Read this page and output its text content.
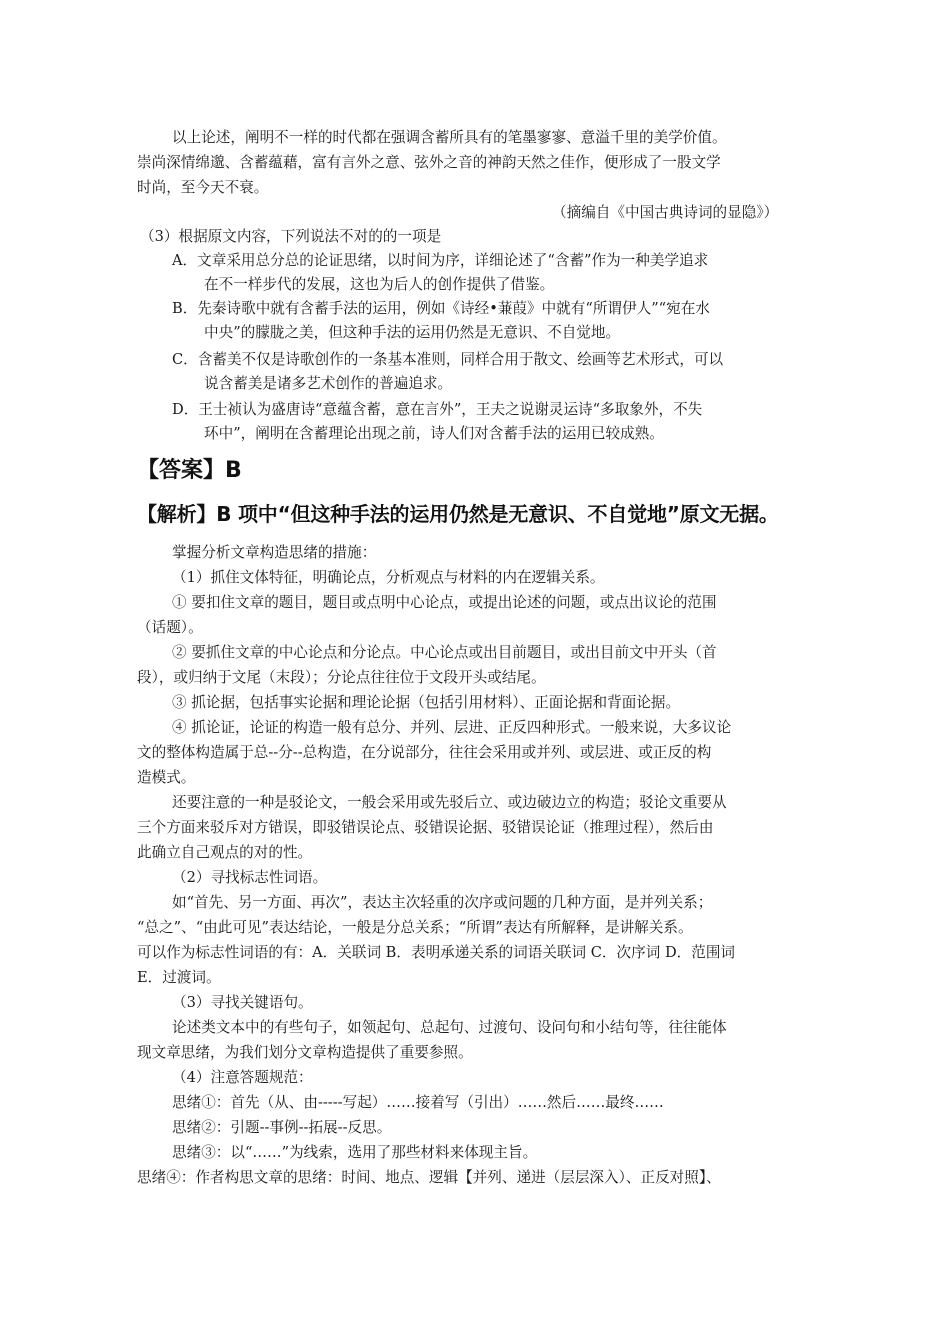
以上论述，阐明不一样的时代都在强调含蓄所具有的笔墨寥寥、意溢千里的美学价值。
崇尚深情绵邈、含蓄蕴藉，富有言外之意、弦外之音的神韵天然之佳作，便形成了一股文学
时尚，至今天不衰。
（摘编自《中国古典诗词的显隐》）
（3）根据原文内容，下列说法不对的的一项是
A．文章采用总分总的论证思绪，以时间为序，详细论述了“含蓄”作为一种美学追求
在不一样步代的发展，这也为后人的创作提供了借鉴。
B．先秦诗歌中就有含蓄手法的运用，例如《诗经•蒹葭》中就有“所谓伊人”“宛在水
中央”的朦胧之美，但这种手法的运用仍然是无意识、不自觉地。
C．含蓄美不仅是诗歌创作的一条基本准则，同样合用于散文、绘画等艺术形式，可以
说含蓄美是诸多艺术创作的普遍追求。
D．王士祯认为盛唐诗“意蕴含蓄，意在言外”，王夫之说谢灵运诗“多取象外，不失
环中”，阐明在含蓄理论出现之前，诗人们对含蓄手法的运用已较成熟。
【答案】B
【解析】B 项中“但这种手法的运用仍然是无意识、不自觉地”原文无据。
掌握分析文章构造思绪的措施：
（1）抓住文体特征，明确论点，分析观点与材料的内在逻辑关系。
① 要扣住文章的题目，题目或点明中心论点，或提出论述的问题，或点出议论的范围
（话题）。
② 要抓住文章的中心论点和分论点。中心论点或出目前题目，或出目前文中开头（首
段），或归纳于文尾（末段）；分论点往往位于文段开头或结尾。
③ 抓论据，包括事实论据和理论论据（包括引用材料）、正面论据和背面论据。
④ 抓论证，论证的构造一般有总分、并列、层进、正反四种形式。一般来说，大多议论
文的整体构造属于总--分--总构造，在分说部分，往往会采用或并列、或层进、或正反的构
造模式。
还要注意的一种是驳论文，一般会采用或先驳后立、或边破边立的构造；驳论文重要从
三个方面来驳斥对方错误，即驳错误论点、驳错误论据、驳错误论证（推理过程），然后由
此确立自己观点的对的性。
（2）寻找标志性词语。
如“首先、另一方面、再次”，表达主次轻重的次序或问题的几种方面，是并列关系；
“总之”、“由此可见”表达结论，一般是分总关系；“所谓”表达有所解释，是讲解关系。
可以作为标志性词语的有：A．关联词 B．表明承递关系的词语关联词 C．次序词 D．范围词
E．过渡词。
（3）寻找关键语句。
论述类文本中的有些句子，如领起句、总起句、过渡句、设问句和小结句等，往往能体
现文章思绪，为我们划分文章构造提供了重要参照。
（4）注意答题规范：
思绪①：首先（从、由-----写起）……接着写（引出）……然后……最终……
思绪②：引题--事例--拓展--反思。
思绪③：以“……”为线索，选用了那些材料来体现主旨。
思绪④：作者构思文章的思绪：时间、地点、逻辑【并列、递进（层层深入）、正反对照】、
